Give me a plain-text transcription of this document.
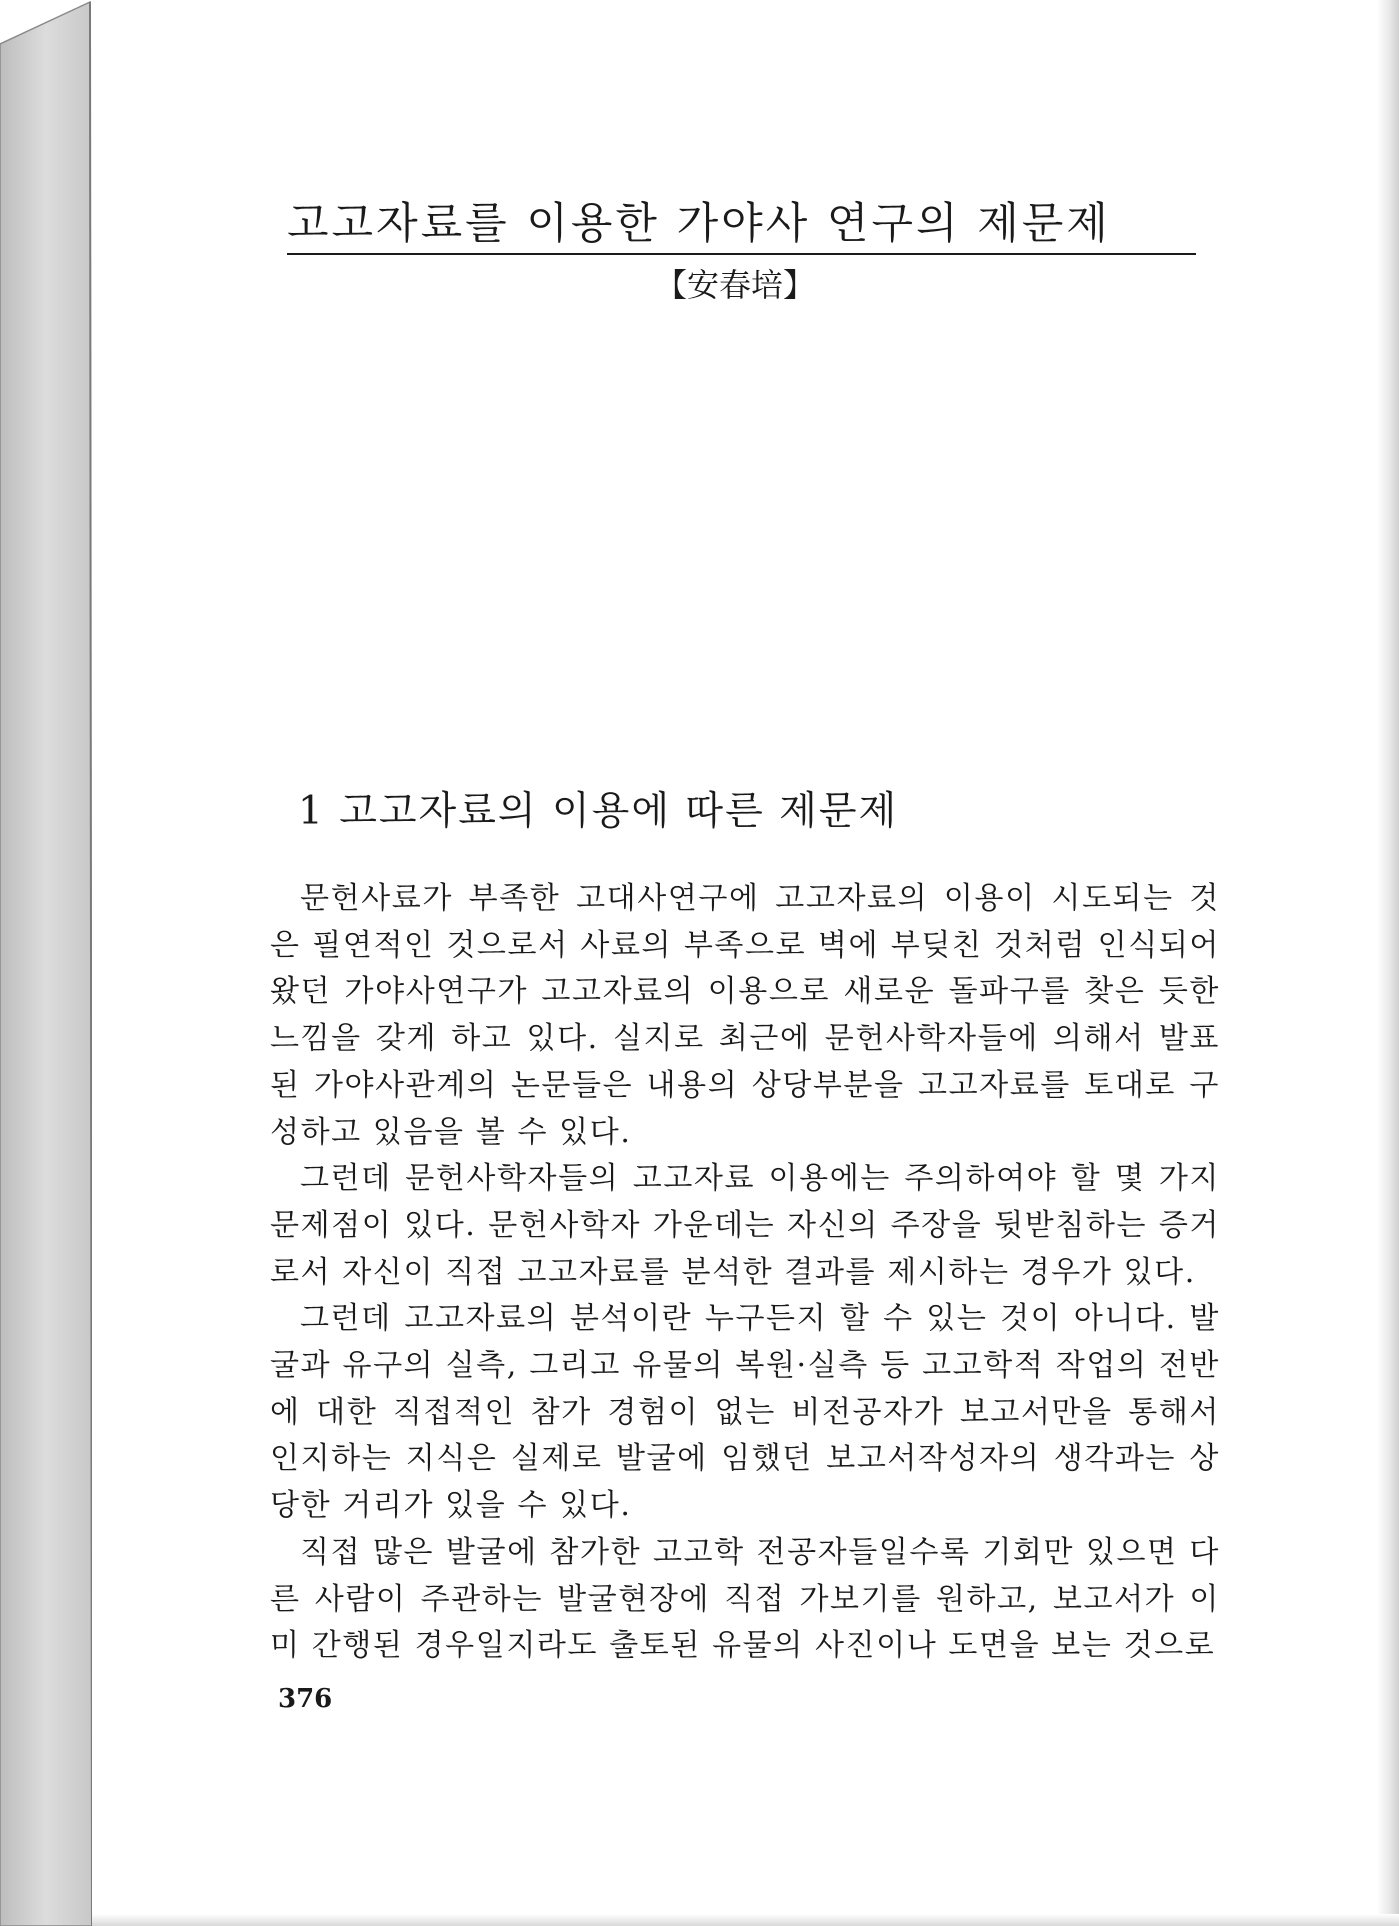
고고자료를 이용한 가야사 연구의 제문제

【安春培】

1 고고자료의 이용에 따른 제문제

문헌사료가 부족한 고대사연구에 고고자료의 이용이 시도되는 것은 필연적인 것으로서 사료의 부족으로 벽에 부딪친 것처럼 인식되어 왔던 가야사연구가 고고자료의 이용으로 새로운 돌파구를 찾은 듯한 느낌을 갖게 하고 있다. 실지로 최근에 문헌사학자들에 의해서 발표된 가야사관계의 논문들은 내용의 상당부분을 고고자료를 토대로 구성하고 있음을 볼 수 있다.

그런데 문헌사학자들의 고고자료 이용에는 주의하여야 할 몇 가지 문제점이 있다. 문헌사학자 가운데는 자신의 주장을 뒷받침하는 증거로서 자신이 직접 고고자료를 분석한 결과를 제시하는 경우가 있다.

그런데 고고자료의 분석이란 누구든지 할 수 있는 것이 아니다. 발굴과 유구의 실측, 그리고 유물의 복원·실측 등 고고학적 작업의 전반에 대한 직접적인 참가 경험이 없는 비전공자가 보고서만을 통해서 인지하는 지식은 실제로 발굴에 임했던 보고서작성자의 생각과는 상당한 거리가 있을 수 있다.

직접 많은 발굴에 참가한 고고학 전공자들일수록 기회만 있으면 다른 사람이 주관하는 발굴현장에 직접 가보기를 원하고, 보고서가 이미 간행된 경우일지라도 출토된 유물의 사진이나 도면을 보는 것으로

376
